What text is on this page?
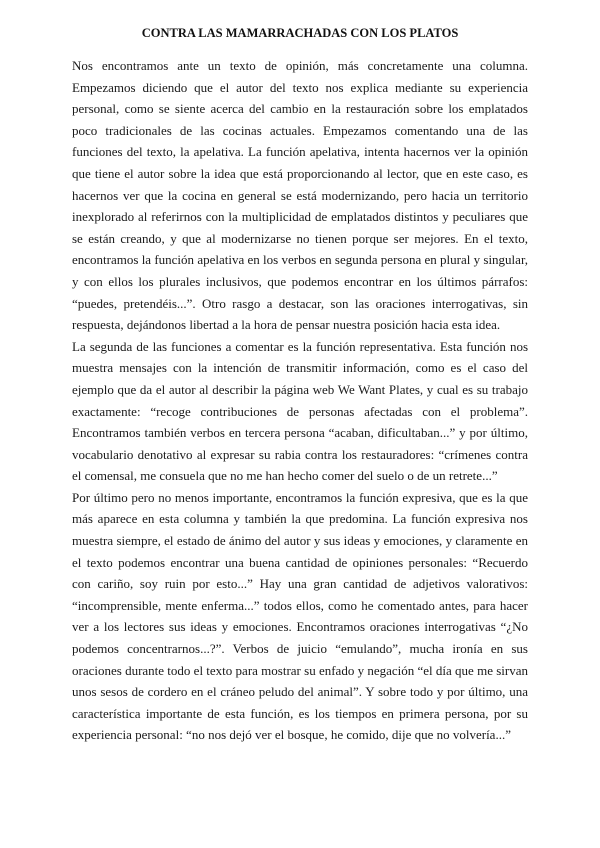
CONTRA LAS MAMARRACHADAS CON LOS PLATOS

Nos encontramos ante un texto de opinión, más concretamente una columna. Empezamos diciendo que el autor del texto nos explica mediante su experiencia personal, como se siente acerca del cambio en la restauración sobre los emplatados poco tradicionales de las cocinas actuales. Empezamos comentando una de las funciones del texto, la apelativa. La función apelativa, intenta hacernos ver la opinión que tiene el autor sobre la idea que está proporcionando al lector, que en este caso, es hacernos ver que la cocina en general se está modernizando, pero hacia un territorio inexplorado al referirnos con la multiplicidad de emplatados distintos y peculiares que se están creando, y que al modernizarse no tienen porque ser mejores. En el texto, encontramos la función apelativa en los verbos en segunda persona en plural y singular, y con ellos los plurales inclusivos, que podemos encontrar en los últimos párrafos: “puedes, pretendéis...”. Otro rasgo a destacar, son las oraciones interrogativas, sin respuesta, dejándonos libertad a la hora de pensar nuestra posición hacia esta idea.

La segunda de las funciones a comentar es la función representativa. Esta función nos muestra mensajes con la intención de transmitir información, como es el caso del ejemplo que da el autor al describir la página web We Want Plates, y cual es su trabajo exactamente: “recoge contribuciones de personas afectadas con el problema”. Encontramos también verbos en tercera persona “acaban, dificultaban...” y por último, vocabulario denotativo al expresar su rabia contra los restauradores: “crímenes contra el comensal, me consuela que no me han hecho comer del suelo o de un retrete...”

Por último pero no menos importante, encontramos la función expresiva, que es la que más aparece en esta columna y también la que predomina. La función expresiva nos muestra siempre, el estado de ánimo del autor y sus ideas y emociones, y claramente en el texto podemos encontrar una buena cantidad de opiniones personales: “Recuerdo con cariño, soy ruin por esto...” Hay una gran cantidad de adjetivos valorativos: “incomprensible, mente enferma...” todos ellos, como he comentado antes, para hacer ver a los lectores sus ideas y emociones. Encontramos oraciones interrogativas “¿No podemos concentrarnos...?”. Verbos de juicio “emulando”, mucha ironía en sus oraciones durante todo el texto para mostrar su enfado y negación “el día que me sirvan unos sesos de cordero en el cráneo peludo del animal”. Y sobre todo y por último, una característica importante de esta función, es los tiempos en primera persona, por su experiencia personal: “no nos dejó ver el bosque, he comido, dije que no volvería...”
